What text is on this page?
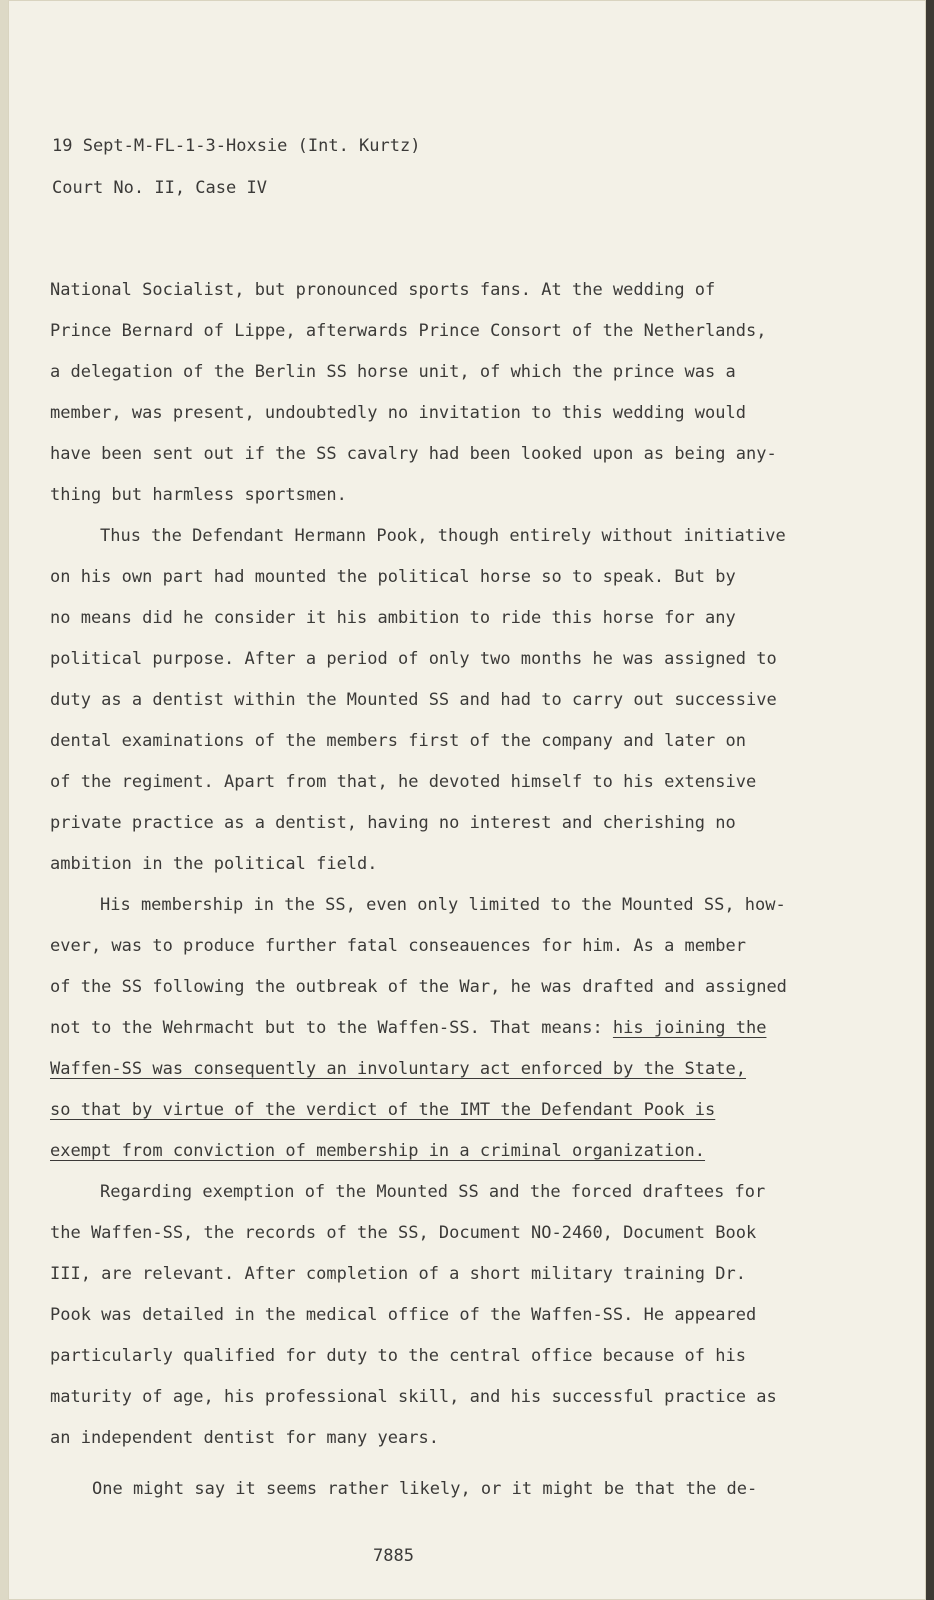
19 Sept-M-FL-1-3-Hoxsie (Int. Kurtz)
Court No. II, Case IV
National Socialist, but pronounced sports fans. At the wedding of
Prince Bernard of Lippe, afterwards Prince Consort of the Netherlands,
a delegation of the Berlin SS horse unit, of which the prince was a
member, was present, undoubtedly no invitation to this wedding would
have been sent out if the SS cavalry had been looked upon as being any-
thing but harmless sportsmen.
Thus the Defendant Hermann Pook, though entirely without initiative
on his own part had mounted the political horse so to speak. But by
no means did he consider it his ambition to ride this horse for any
political purpose. After a period of only two months he was assigned to
duty as a dentist within the Mounted SS and had to carry out successive
dental examinations of the members first of the company and later on
of the regiment. Apart from that, he devoted himself to his extensive
private practice as a dentist, having no interest and cherishing no
ambition in the political field.
His membership in the SS, even only limited to the Mounted SS, how-
ever, was to produce further fatal conseauences for him. As a member
of the SS following the outbreak of the War, he was drafted and assigned
not to the Wehrmacht but to the Waffen-SS. That means: his joining the
Waffen-SS was consequently an involuntary act enforced by the State,
so that by virtue of the verdict of the IMT the Defendant Pook is
exempt from conviction of membership in a criminal organization.
Regarding exemption of the Mounted SS and the forced draftees for
the Waffen-SS, the records of the SS, Document NO-2460, Document Book
III, are relevant. After completion of a short military training Dr.
Pook was detailed in the medical office of the Waffen-SS. He appeared
particularly qualified for duty to the central office because of his
maturity of age, his professional skill, and his successful practice as
an independent dentist for many years.
One might say it seems rather likely, or it might be that the de-
7885
